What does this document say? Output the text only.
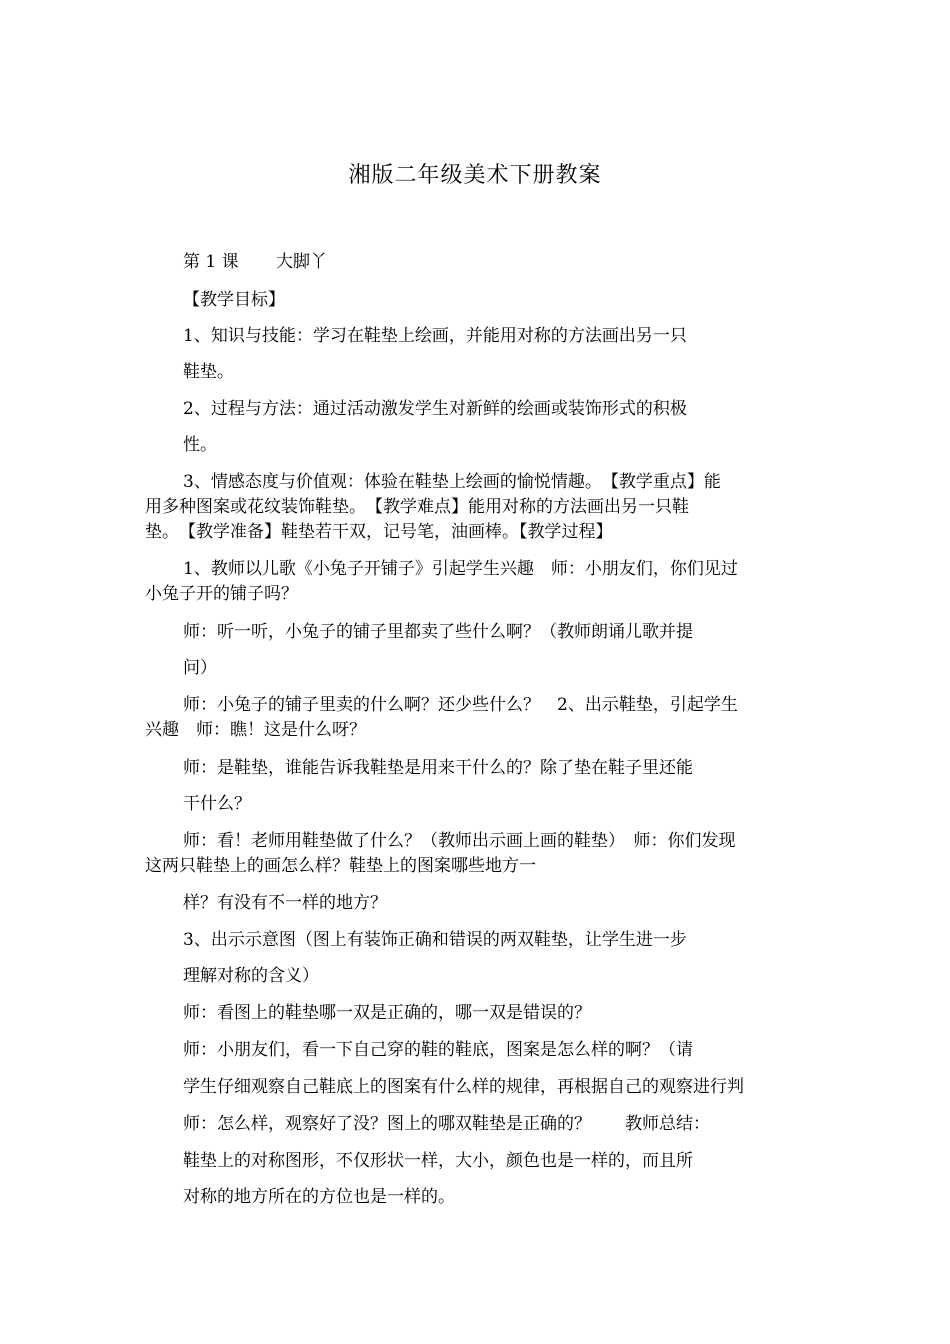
湘版二年级美术下册教案
第 1 课 大脚丫
【教学目标】
1、知识与技能：学习在鞋垫上绘画，并能用对称的方法画出另一只
鞋垫。
2、过程与方法：通过活动激发学生对新鲜的绘画或装饰形式的积极
性。
3、情感态度与价值观：体验在鞋垫上绘画的愉悦情趣。　【教学重点】能
用多种图案或花纹装饰鞋垫。　【教学难点】能用对称的方法画出另一只鞋
垫。　【教学准备】鞋垫若干双，记号笔，油画棒。【教学过程】
1、教师以儿歌《小兔子开铺子》引起学生兴趣　师：小朋友们，你们见过
小兔子开的铺子吗？
师：听一听，小兔子的铺子里都卖了些什么啊？（教师朗诵儿歌并提
问）
师：小兔子的铺子里卖的什么啊？还少些什么？　2、出示鞋垫，引起学生
兴趣　师：瞧！这是什么呀？
师：是鞋垫，谁能告诉我鞋垫是用来干什么的？除了垫在鞋子里还能
干什么？
师：看！老师用鞋垫做了什么？（教师出示画上画的鞋垫）　师：你们发现
这两只鞋垫上的画怎么样？鞋垫上的图案哪些地方一
样？有没有不一样的地方？
3、出示示意图（图上有装饰正确和错误的两双鞋垫，让学生进一步
理解对称的含义）
师：看图上的鞋垫哪一双是正确的，哪一双是错误的？
师：小朋友们，看一下自己穿的鞋的鞋底，图案是怎么样的啊？（请
学生仔细观察自己鞋底上的图案有什么样的规律，再根据自己的观察进行判
师：怎么样，观察好了没？图上的哪双鞋垫是正确的？　　教师总结：
鞋垫上的对称图形，不仅形状一样，大小，颜色也是一样的，而且所
对称的地方所在的方位也是一样的。
